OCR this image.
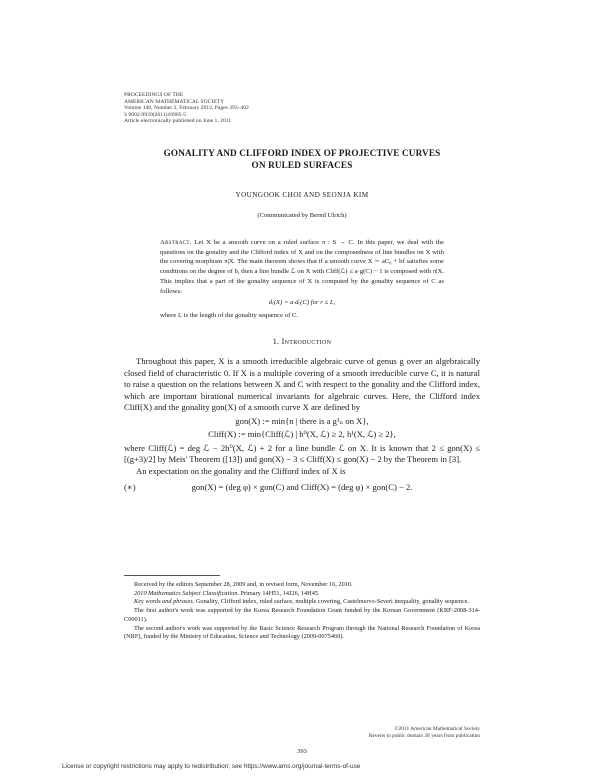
PROCEEDINGS OF THE
AMERICAN MATHEMATICAL SOCIETY
Volume 140, Number 2, February 2012, Pages 393–402
S 0002-9939(2011)10905-5
Article electronically published on June 1, 2011
GONALITY AND CLIFFORD INDEX OF PROJECTIVE CURVES
ON RULED SURFACES
YOUNGOOK CHOI AND SEONJA KIM
(Communicated by Bernd Ulrich)
Abstract. Let X be a smooth curve on a ruled surface π : S → C. In this paper, we deal with the questions on the gonality and the Clifford index of X and on the composedness of line bundles on X with the covering morphism π|X. The main theorem shows that if a smooth curve X ∼ aC₀ + bf satisfies some conditions on the degree of b, then a line bundle ℒ on X with Cliff(ℒ) ≤ a·g(C) − 1 is composed with π|X. This implies that a part of the gonality sequence of X is computed by the gonality sequence of C as follows:
dᵣ(X) = a·dᵣ(C) for r ≤ L,
where L is the length of the gonality sequence of C.
1. Introduction

Throughout this paper, X is a smooth irreducible algebraic curve of genus g over an algebraically closed field of characteristic 0. If X is a multiple covering of a smooth irreducible curve C, it is natural to raise a question on the relations between X and C with respect to the gonality and the Clifford index, which are important birational numerical invariants for algebraic curves. Here, the Clifford index Cliff(X) and the gonality gon(X) of a smooth curve X are defined by

gon(X) := min{n | there is a g¹ₙ on X},
Cliff(X) := min{Cliff(ℒ) | h⁰(X, ℒ) ≥ 2, h¹(X, ℒ) ≥ 2},

where Cliff(ℒ) = deg ℒ − 2h⁰(X, ℒ) + 2 for a line bundle ℒ on X. It is known that 2 ≤ gon(X) ≤ [(g+3)/2] by Meis' Theorem ([13]) and gon(X) − 3 ≤ Cliff(X) ≤ gon(X) − 2 by the Theorem in [3].

An expectation on the gonality and the Clifford index of X is

(∗)	gon(X) = (deg φ) × gon(C) and Cliff(X) = (deg φ) × gon(C) − 2.

Received by the editors September 28, 2009 and, in revised form, November 16, 2010.

2010 Mathematics Subject Classification. Primary 14H51, 14J26, 14H45.

Key words and phrases. Gonality, Clifford index, ruled surface, multiple covering, Castelnuovo-Severi inequality, gonality sequence.

The first author's work was supported by the Korea Research Foundation Grant funded by the Korean Government (KRF-2008-314-C00011).

The second author's work was supported by the Basic Science Research Program through the National Research Foundation of Korea (NRF), funded by the Ministry of Education, Science and Technology (2009-0075469).

©2011 American Mathematical Society
Reverts to public domain 28 years from publication
393
License or copyright restrictions may apply to redistribution; see https://www.ams.org/journal-terms-of-use
